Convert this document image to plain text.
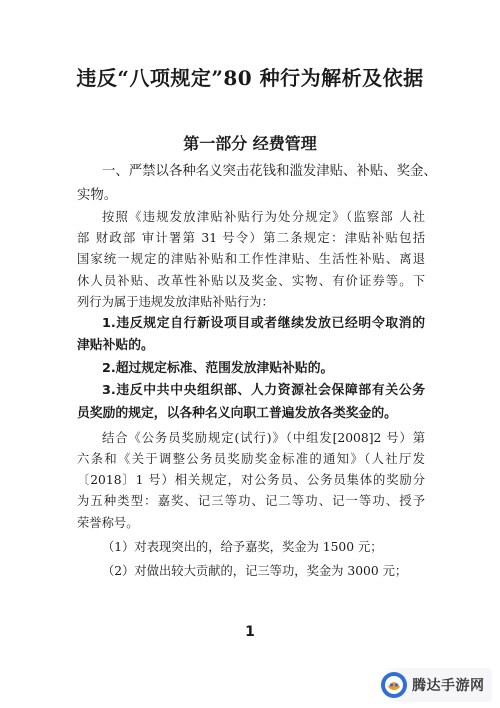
违反“八项规定”80 种行为解析及依据
第一部分 经费管理
一、严禁以各种名义突击花钱和滥发津贴、补贴、奖金、
实物。
按照《违规发放津贴补贴行为处分规定》（监察部 人社
部 财政部 审计署第 31 号令）第二条规定：津贴补贴包括
国家统一规定的津贴补贴和工作性津贴、生活性补贴、离退
休人员补贴、改革性补贴以及奖金、实物、有价证券等。下
列行为属于违规发放津贴补贴行为：
1.违反规定自行新设项目或者继续发放已经明令取消的
津贴补贴的。
2.超过规定标准、范围发放津贴补贴的。
3.违反中共中央组织部、人力资源社会保障部有关公务
员奖励的规定，以各种名义向职工普遍发放各类奖金的。
结合《公务员奖励规定(试行)》（中组发[2008]2 号）第
六条和《关于调整公务员奖励奖金标准的通知》（人社厅发
〔2018〕1 号）相关规定，对公务员、公务员集体的奖励分
为五种类型：嘉奖、记三等功、记二等功、记一等功、授予
荣誉称号。
（1）对表现突出的，给予嘉奖，奖金为 1500 元；
（2）对做出较大贡献的，记三等功，奖金为 3000 元；
1
腾达手游网
